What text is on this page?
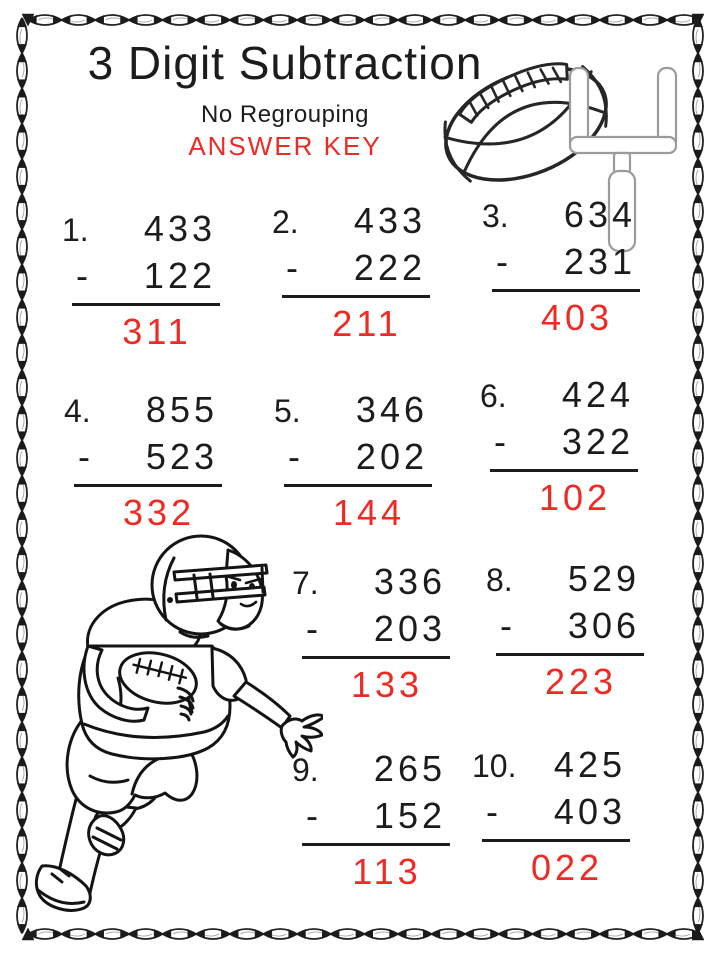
3 Digit Subtraction
No Regrouping
ANSWER KEY
1. 433
- 122
311
2. 433
- 222
211
3. 634
- 231
403
4. 855
- 523
332
5. 346
- 202
144
6. 424
- 322
102
7. 336
- 203
133
8. 529
- 306
223
9. 265
- 152
113
10. 425
- 403
022
